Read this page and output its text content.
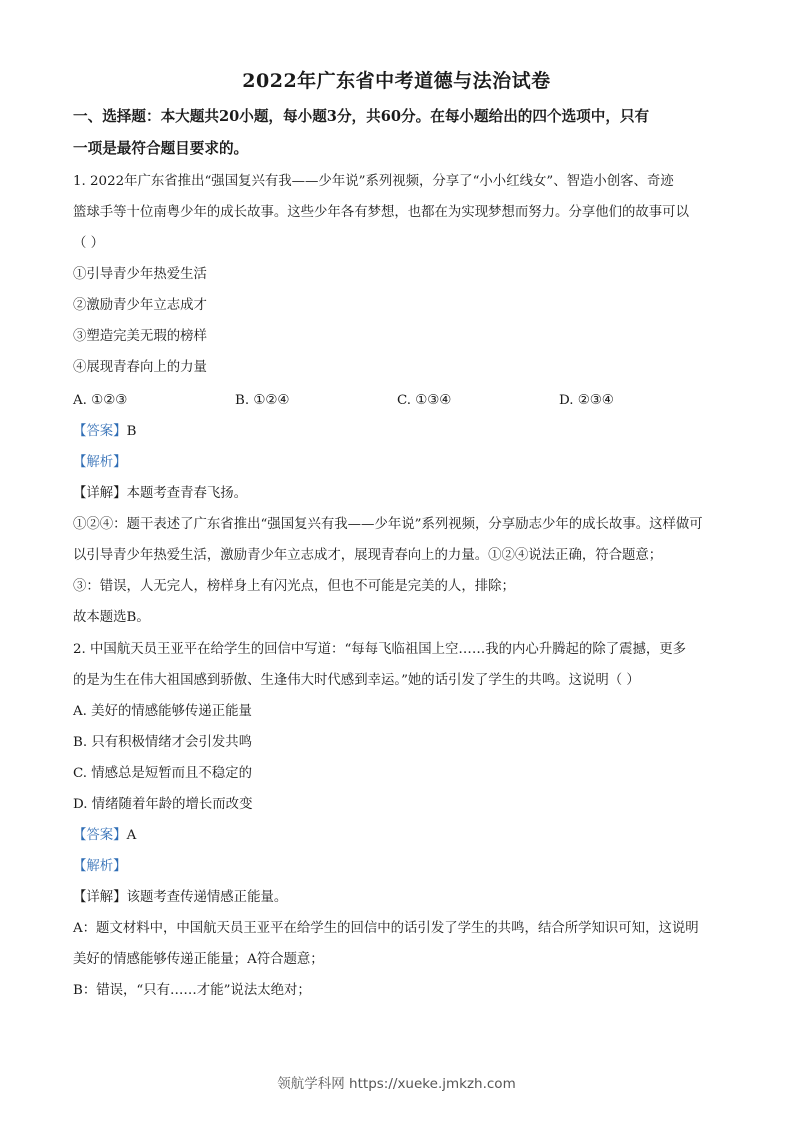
2022年广东省中考道德与法治试卷
一、选择题：本大题共20小题，每小题3分，共60分。在每小题给出的四个选项中，只有
一项是最符合题目要求的。
1. 2022年广东省推出“强国复兴有我——少年说”系列视频，分享了“小小红线女”、智造小创客、奇迹
篮球手等十位南粤少年的成长故事。这些少年各有梦想，也都在为实现梦想而努力。分享他们的故事可以
（ ）
①引导青少年热爱生活
②激励青少年立志成才
③塑造完美无瑕的榜样
④展现青春向上的力量
A. ①②③	B. ①②④	C. ①③④	D. ②③④
【答案】B
【解析】
【详解】本题考查青春飞扬。
①②④：题干表述了广东省推出“强国复兴有我——少年说”系列视频，分享励志少年的成长故事。这样做可
以引导青少年热爱生活，激励青少年立志成才，展现青春向上的力量。①②④说法正确，符合题意；
③：错误，人无完人，榜样身上有闪光点，但也不可能是完美的人，排除；
故本题选B。
2. 中国航天员王亚平在给学生的回信中写道：“每每飞临祖国上空……我的内心升腾起的除了震撼，更多
的是为生在伟大祖国感到骄傲、生逢伟大时代感到幸运。”她的话引发了学生的共鸣。这说明（ ）
A. 美好的情感能够传递正能量
B. 只有积极情绪才会引发共鸣
C. 情感总是短暂而且不稳定的
D. 情绪随着年龄的增长而改变
【答案】A
【解析】
【详解】该题考查传递情感正能量。
A：题文材料中，中国航天员王亚平在给学生的回信中的话引发了学生的共鸣，结合所学知识可知，这说明
美好的情感能够传递正能量；A符合题意；
B：错误，“只有……才能”说法太绝对；
领航学科网 https://xueke.jmkzh.com
